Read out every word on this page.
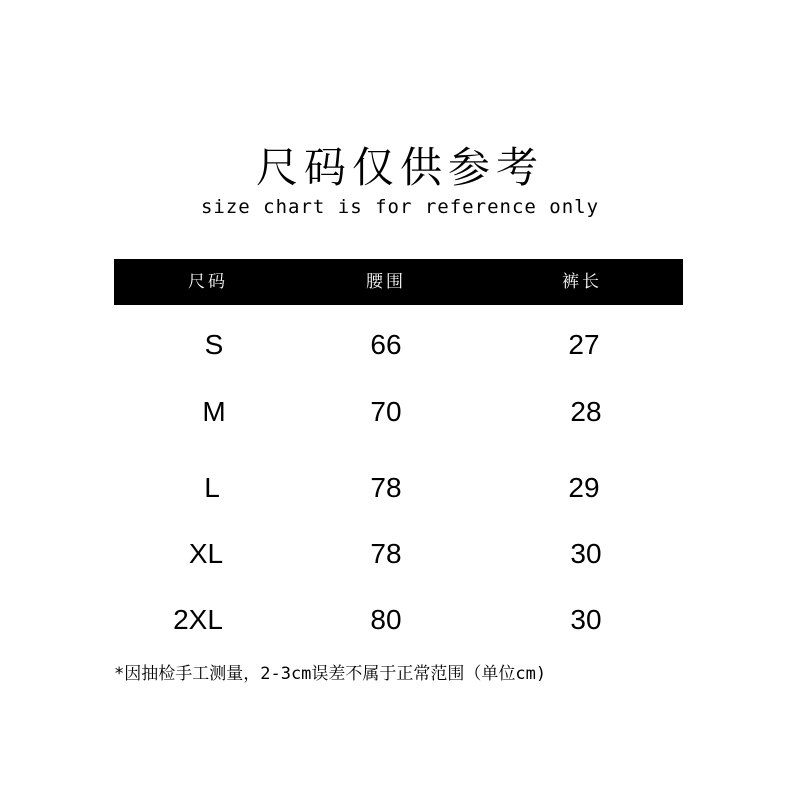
尺码仅供参考
size chart is for reference only
尺码	腰围	裤长
S	66	27
M	70	28
L	78	29
XL	78	30
2XL	80	30
*因抽检手工测量，2-3cm误差不属于正常范围（单位cm)
